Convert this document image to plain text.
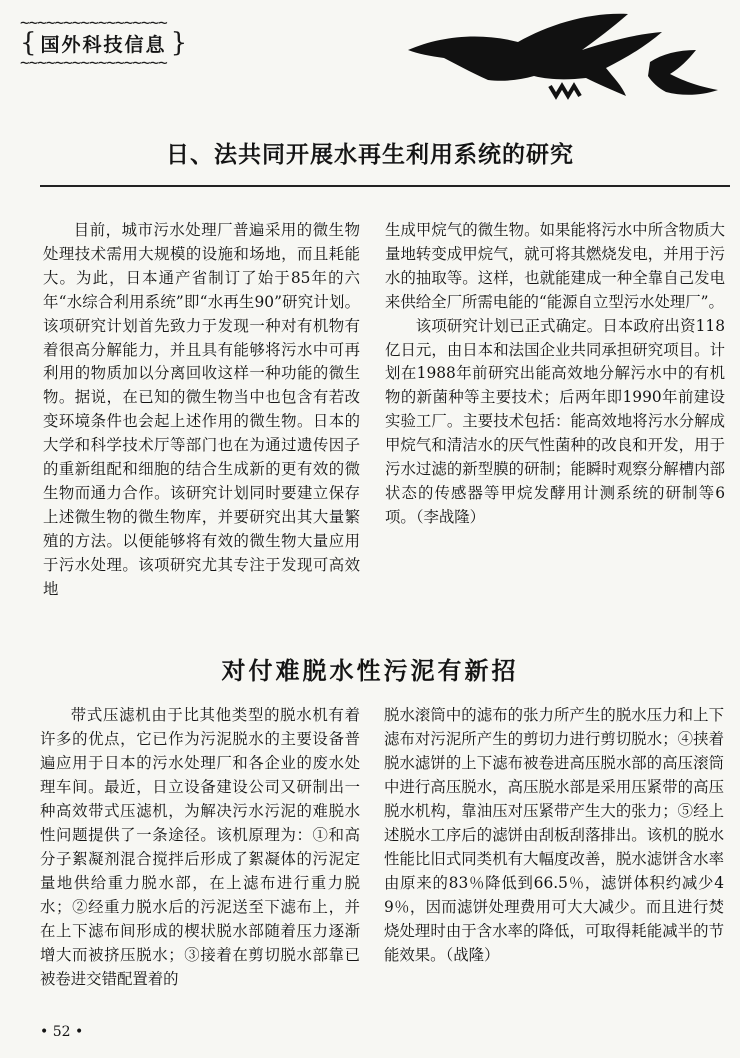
~~~~~~~~~~~~~~~~~
{ 国外科技信息 }
~~~~~~~~~~~~~~~~~
日、法共同开展水再生利用系统的研究

目前，城市污水处理厂普遍采用的微生物处理技术需用大规模的设施和场地，而且耗能大。为此，日本通产省制订了始于85年的六年“水综合利用系统”即“水再生90”研究计划。该项研究计划首先致力于发现一种对有机物有着很高分解能力，并且具有能够将污水中可再利用的物质加以分离回收这样一种功能的微生物。据说，在已知的微生物当中也包含有若改变环境条件也会起上述作用的微生物。日本的大学和科学技术厅等部门也在为通过遗传因子的重新组配和细胞的结合生成新的更有效的微生物而通力合作。该研究计划同时要建立保存上述微生物的微生物库，并要研究出其大量繁殖的方法。以便能够将有效的微生物大量应用于污水处理。该项研究尤其专注于发现可高效地

生成甲烷气的微生物。如果能将污水中所含物质大量地转变成甲烷气，就可将其燃烧发电，并用于污水的抽取等。这样，也就能建成一种全靠自己发电来供给全厂所需电能的“能源自立型污水处理厂”。

该项研究计划已正式确定。日本政府出资118亿日元，由日本和法国企业共同承担研究项目。计划在1988年前研究出能高效地分解污水中的有机物的新菌种等主要技术；后两年即1990年前建设实验工厂。主要技术包括：能高效地将污水分解成甲烷气和清洁水的厌气性菌种的改良和开发，用于污水过滤的新型膜的研制；能瞬时观察分解槽内部状态的传感器等甲烷发酵用计测系统的研制等6项。（李战隆）

对付难脱水性污泥有新招

带式压滤机由于比其他类型的脱水机有着许多的优点，它已作为污泥脱水的主要设备普遍应用于日本的污水处理厂和各企业的废水处理车间。最近，日立设备建设公司又研制出一种高效带式压滤机，为解决污水污泥的难脱水性问题提供了一条途径。该机原理为：①和高分子絮凝剂混合搅拌后形成了絮凝体的污泥定量地供给重力脱水部，在上滤布进行重力脱水；②经重力脱水后的污泥送至下滤布上，并在上下滤布间形成的楔状脱水部随着压力逐渐增大而被挤压脱水；③接着在剪切脱水部靠已被卷进交错配置着的

脱水滚筒中的滤布的张力所产生的脱水压力和上下滤布对污泥所产生的剪切力进行剪切脱水；④挟着脱水滤饼的上下滤布被卷进高压脱水部的高压滚筒中进行高压脱水，高压脱水部是采用压紧带的高压脱水机构，靠油压对压紧带产生大的张力；⑤经上述脱水工序后的滤饼由刮板刮落排出。该机的脱水性能比旧式同类机有大幅度改善，脱水滤饼含水率由原来的83％降低到66.5％，滤饼体积约减少49％，因而滤饼处理费用可大大减少。而且进行焚烧处理时由于含水率的降低，可取得耗能减半的节能效果。（战隆）

• 52 •
